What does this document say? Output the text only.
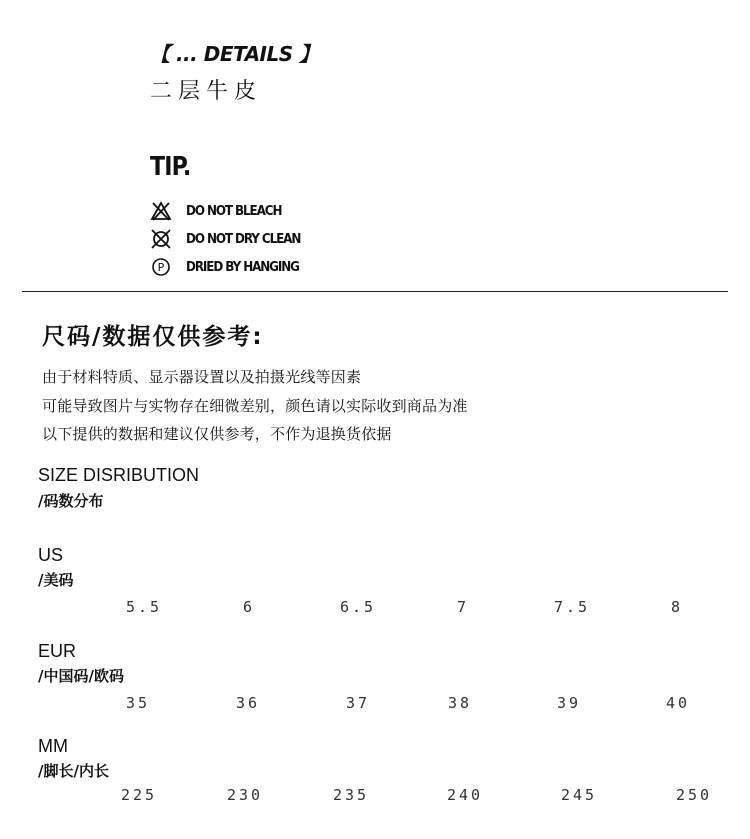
【 ... DETAILS 】
二层牛皮
TIP.
DO NOT BLEACH
DO NOT DRY CLEAN
P DRIED BY HANGING
尺码/数据仅供参考:
由于材料特质、显示器设置以及拍摄光线等因素
可能导致图片与实物存在细微差别，颜色请以实际收到商品为准
以下提供的数据和建议仅供参考，不作为退换货依据
SIZE DISRIBUTION
/码数分布
US
/美码
5.5	6	6.5	7	7.5	8
EUR
/中国码/欧码
35	36	37	38	39	40
MM
/脚长/内长
225	230	235	240	245	250
